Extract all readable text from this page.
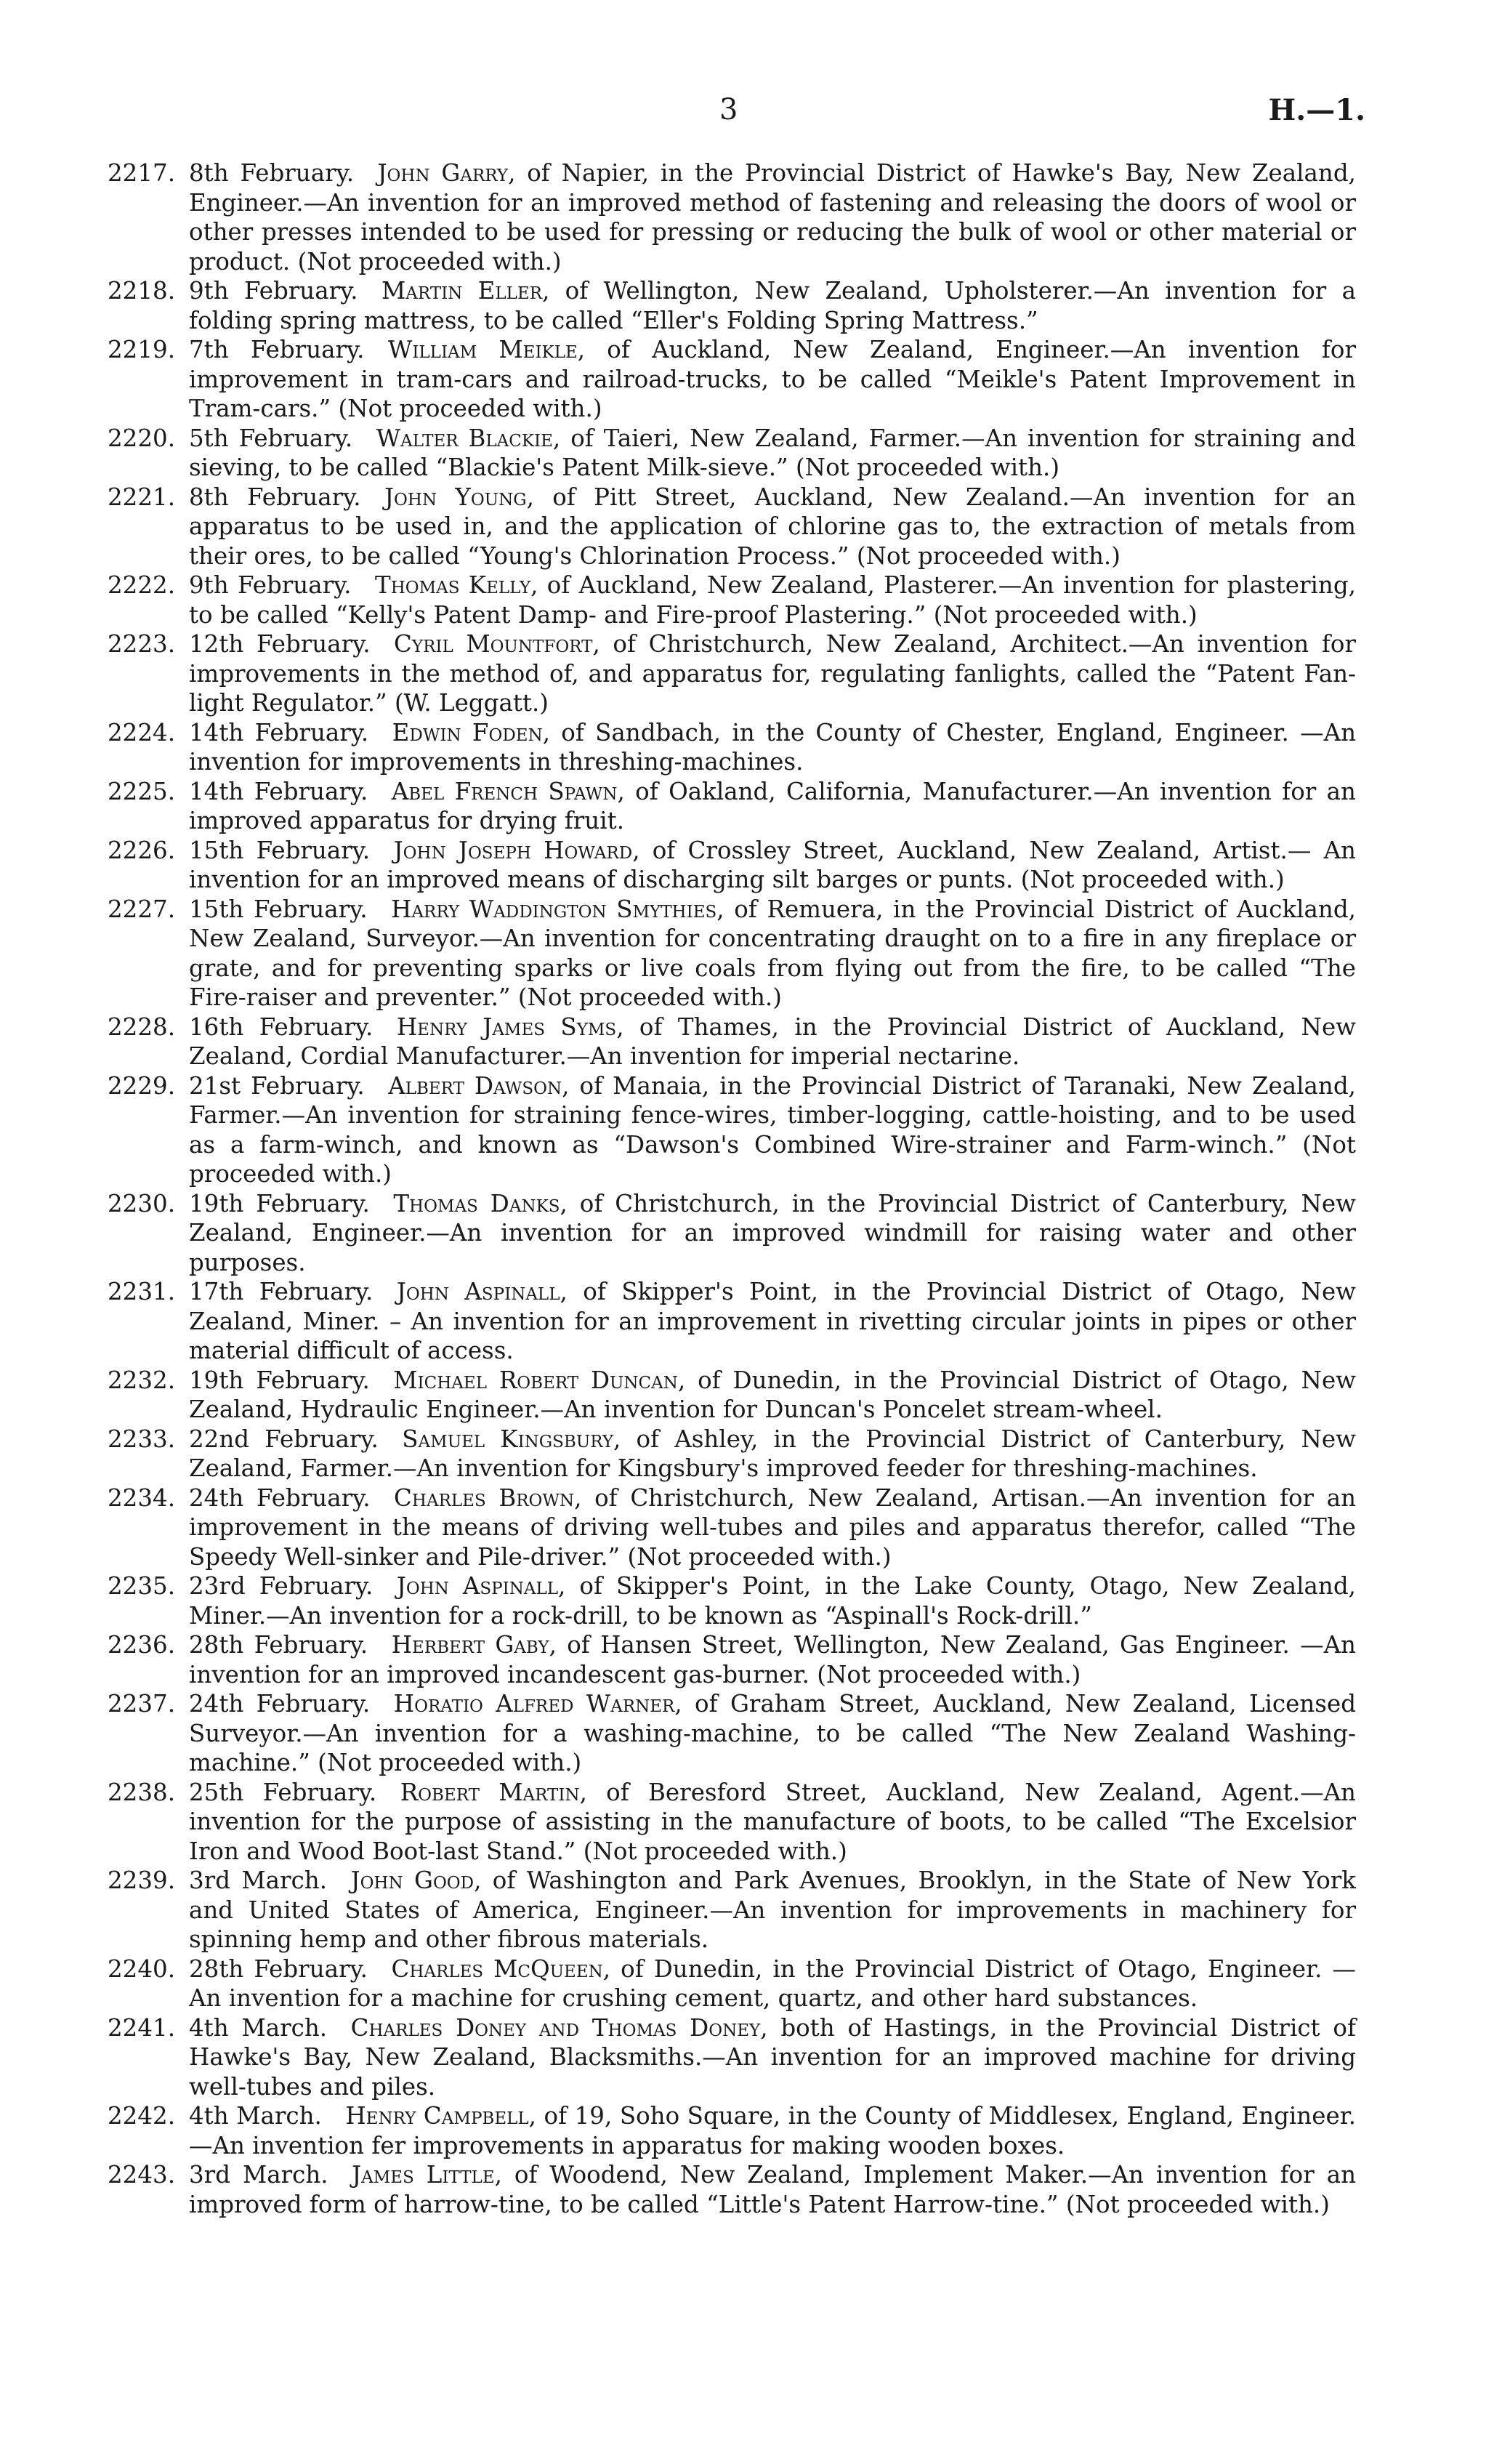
3	H.—1.

2217. 8th February.   John Garry, of Napier, in the Provincial District of Hawke's Bay, New Zealand, Engineer.—An invention for an improved method of fastening and releasing the doors of wool or other presses intended to be used for pressing or reducing the bulk of wool or other material or product. (Not proceeded with.)

2218. 9th February.   Martin Eller, of Wellington, New Zealand, Upholsterer.—An invention for a folding spring mattress, to be called “Eller's Folding Spring Mattress.”

2219. 7th February.   William Meikle, of Auckland, New Zealand, Engineer.—An invention for improvement in tram-cars and railroad-trucks, to be called “Meikle's Patent Improvement in Tram-cars.” (Not proceeded with.)

2220. 5th February.   Walter Blackie, of Taieri, New Zealand, Farmer.—An invention for straining and sieving, to be called “Blackie's Patent Milk-sieve.” (Not proceeded with.)

2221. 8th February.   John Young, of Pitt Street, Auckland, New Zealand.—An invention for an apparatus to be used in, and the application of chlorine gas to, the extraction of metals from their ores, to be called “Young's Chlorination Process.” (Not proceeded with.)

2222. 9th February.   Thomas Kelly, of Auckland, New Zealand, Plasterer.—An invention for plastering, to be called “Kelly's Patent Damp- and Fire-proof Plastering.” (Not proceeded with.)

2223. 12th February.   Cyril Mountfort, of Christchurch, New Zealand, Architect.—An invention for improvements in the method of, and apparatus for, regulating fanlights, called the “Patent Fan-light Regulator.” (W. Leggatt.)

2224. 14th February.   Edwin Foden, of Sandbach, in the County of Chester, England, Engineer. —An invention for improvements in threshing-machines.

2225. 14th February.   Abel French Spawn, of Oakland, California, Manufacturer.—An invention for an improved apparatus for drying fruit.

2226. 15th February.   John Joseph Howard, of Crossley Street, Auckland, New Zealand, Artist.— An invention for an improved means of discharging silt barges or punts. (Not proceeded with.)

2227. 15th February.   Harry Waddington Smythies, of Remuera, in the Provincial District of Auckland, New Zealand, Surveyor.—An invention for concentrating draught on to a fire in any fireplace or grate, and for preventing sparks or live coals from flying out from the fire, to be called “The Fire-raiser and preventer.” (Not proceeded with.)

2228. 16th February.   Henry James Syms, of Thames, in the Provincial District of Auckland, New Zealand, Cordial Manufacturer.—An invention for imperial nectarine.

2229. 21st February.   Albert Dawson, of Manaia, in the Provincial District of Taranaki, New Zealand, Farmer.—An invention for straining fence-wires, timber-logging, cattle-hoisting, and to be used as a farm-winch, and known as “Dawson's Combined Wire-strainer and Farm-winch.” (Not proceeded with.)

2230. 19th February.   Thomas Danks, of Christchurch, in the Provincial District of Canterbury, New Zealand, Engineer.—An invention for an improved windmill for raising water and other purposes.

2231. 17th February.   John Aspinall, of Skipper's Point, in the Provincial District of Otago, New Zealand, Miner. – An invention for an improvement in rivetting circular joints in pipes or other material difficult of access.

2232. 19th February.   Michael Robert Duncan, of Dunedin, in the Provincial District of Otago, New Zealand, Hydraulic Engineer.—An invention for Duncan's Poncelet stream-wheel.

2233. 22nd February.   Samuel Kingsbury, of Ashley, in the Provincial District of Canterbury, New Zealand, Farmer.—An invention for Kingsbury's improved feeder for threshing-machines.

2234. 24th February.   Charles Brown, of Christchurch, New Zealand, Artisan.—An invention for an improvement in the means of driving well-tubes and piles and apparatus therefor, called “The Speedy Well-sinker and Pile-driver.” (Not proceeded with.)

2235. 23rd February.   John Aspinall, of Skipper's Point, in the Lake County, Otago, New Zealand, Miner.—An invention for a rock-drill, to be known as “Aspinall's Rock-drill.”

2236. 28th February.   Herbert Gaby, of Hansen Street, Wellington, New Zealand, Gas Engineer. —An invention for an improved incandescent gas-burner. (Not proceeded with.)

2237. 24th February.   Horatio Alfred Warner, of Graham Street, Auckland, New Zealand, Licensed Surveyor.—An invention for a washing-machine, to be called “The New Zealand Washing-machine.” (Not proceeded with.)

2238. 25th February.   Robert Martin, of Beresford Street, Auckland, New Zealand, Agent.—An invention for the purpose of assisting in the manufacture of boots, to be called “The Excelsior Iron and Wood Boot-last Stand.” (Not proceeded with.)

2239. 3rd March.   John Good, of Washington and Park Avenues, Brooklyn, in the State of New York and United States of America, Engineer.—An invention for improvements in machinery for spinning hemp and other fibrous materials.

2240. 28th February.   Charles McQueen, of Dunedin, in the Provincial District of Otago, Engineer. — An invention for a machine for crushing cement, quartz, and other hard substances.

2241. 4th March.   Charles Doney and Thomas Doney, both of Hastings, in the Provincial District of Hawke's Bay, New Zealand, Blacksmiths.—An invention for an improved machine for driving well-tubes and piles.

2242. 4th March.   Henry Campbell, of 19, Soho Square, in the County of Middlesex, England, Engineer.—An invention fer improvements in apparatus for making wooden boxes.

2243. 3rd March.   James Little, of Woodend, New Zealand, Implement Maker.—An invention for an improved form of harrow-tine, to be called “Little's Patent Harrow-tine.” (Not proceeded with.)
